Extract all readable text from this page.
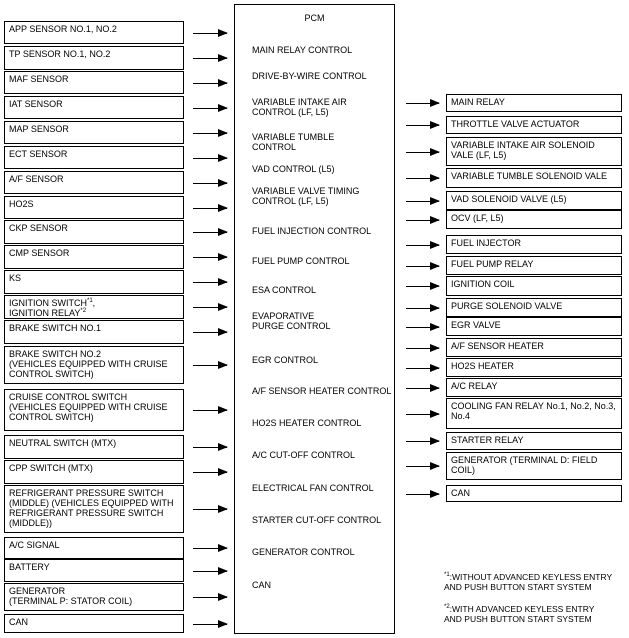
PCM
MAIN RELAY CONTROL
DRIVE-BY-WIRE CONTROL
VARIABLE INTAKE AIR
CONTROL (LF, L5)
VARIABLE TUMBLE
CONTROL
VAD CONTROL (L5)
VARIABLE VALVE TIMING
CONTROL (LF, L5)
FUEL INJECTION CONTROL
FUEL PUMP CONTROL
ESA CONTROL
EVAPORATIVE
PURGE CONTROL
EGR CONTROL
A/F SENSOR HEATER CONTROL
HO2S HEATER CONTROL
A/C CUT-OFF CONTROL
ELECTRICAL FAN CONTROL
STARTER CUT-OFF CONTROL
GENERATOR CONTROL
CAN
APP SENSOR NO.1, NO.2
TP SENSOR NO.1, NO.2
MAF SENSOR
IAT SENSOR
MAP SENSOR
ECT SENSOR
A/F SENSOR
HO2S
CKP SENSOR
CMP SENSOR
KS
IGNITION SWITCH$^{*1}$,
IGNITION RELAY$^{*2}$
BRAKE SWITCH NO.1
BRAKE SWITCH NO.2
(VEHICLES EQUIPPED WITH CRUISE
CONTROL SWITCH)
CRUISE CONTROL SWITCH
(VEHICLES EQUIPPED WITH CRUISE
CONTROL SWITCH)
NEUTRAL SWITCH (MTX)
CPP SWITCH (MTX)
REFRIGERANT PRESSURE SWITCH
(MIDDLE) (VEHICLES EQUIPPED WITH
REFRIGERANT PRESSURE SWITCH
(MIDDLE))
A/C SIGNAL
BATTERY
GENERATOR
(TERMINAL P: STATOR COIL)
CAN
MAIN RELAY
THROTTLE VALVE ACTUATOR
VARIABLE INTAKE AIR SOLENOID
VALE (LF, L5)
VARIABLE TUMBLE SOLENOID VALE
VAD SOLENOID VALVE (L5)
OCV (LF, L5)
FUEL INJECTOR
FUEL PUMP RELAY
IGNITION COIL
PURGE SOLENOID VALVE
EGR VALVE
A/F SENSOR HEATER
HO2S HEATER
A/C RELAY
COOLING FAN RELAY No.1, No.2, No.3,
No.4
STARTER RELAY
GENERATOR (TERMINAL D: FIELD
COIL)
CAN
$^{*1}$:WITHOUT ADVANCED KEYLESS ENTRY
AND PUSH BUTTON START SYSTEM
$^{*2}$:WITH ADVANCED KEYLESS ENTRY
AND PUSH BUTTON START SYSTEM
